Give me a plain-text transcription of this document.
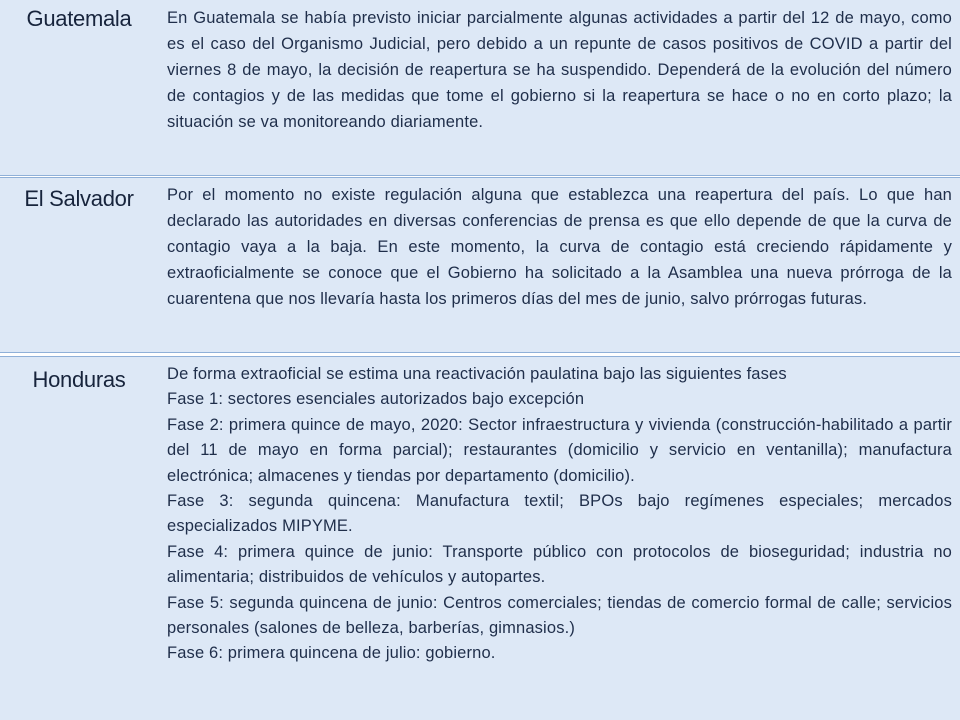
Guatemala	En Guatemala se había previsto iniciar parcialmente algunas actividades a partir del 12 de mayo, como es el caso del Organismo Judicial, pero debido a un repunte de casos positivos de COVID a partir del viernes 8 de mayo, la decisión de reapertura se ha suspendido. Dependerá de la evolución del número de contagios y de las medidas que tome el gobierno si la reapertura se hace o no en corto plazo; la situación se va monitoreando diariamente.
El Salvador	Por el momento no existe regulación alguna que establezca una reapertura del país. Lo que han declarado las autoridades en diversas conferencias de prensa es que ello depende de que la curva de contagio vaya a la baja. En este momento, la curva de contagio está creciendo rápidamente y extraoficialmente se conoce que el Gobierno ha solicitado a la Asamblea una nueva prórroga de la cuarentena que nos llevaría hasta los primeros días del mes de junio, salvo prórrogas futuras.
Honduras	De forma extraoficial se estima una reactivación paulatina bajo las siguientes fases
Fase 1: sectores esenciales autorizados bajo excepción
Fase 2: primera quince de mayo, 2020: Sector infraestructura y vivienda (construcción-habilitado a partir del 11 de mayo en forma parcial); restaurantes (domicilio y servicio en ventanilla); manufactura electrónica; almacenes y tiendas por departamento (domicilio).
Fase 3: segunda quincena: Manufactura textil; BPOs bajo regímenes especiales; mercados especializados MIPYME.
Fase 4: primera quince de junio: Transporte público con protocolos de bioseguridad; industria no alimentaria; distribuidos de vehículos y autopartes.
Fase 5: segunda quincena de junio: Centros comerciales; tiendas de comercio formal de calle; servicios personales (salones de belleza, barberías, gimnasios.)
Fase 6: primera quincena de julio: gobierno.
